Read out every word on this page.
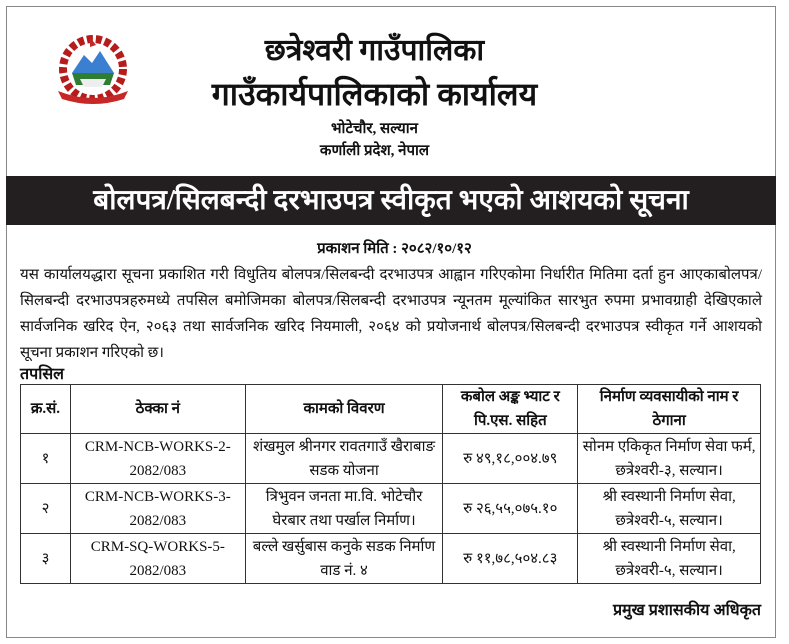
छत्रेश्वरी गाउँपालिका
गाउँकार्यपालिकाको कार्यालय
भोटेचौर, सल्यान
कर्णाली प्रदेश, नेपाल
बोलपत्र/सिलबन्दी दरभाउपत्र स्वीकृत भएको आशयको सूचना
प्रकाशन मिति : २०८२/१०/१२
यस कार्यालयद्धारा सूचना प्रकाशित गरी विधुतिय बोलपत्र/सिलबन्दी दरभाउपत्र आह्वान गरिएकोमा निर्धारीत मितिमा दर्ता हुन आएकाबोलपत्र/सिलबन्दी दरभाउपत्रहरुमध्ये तपसिल बमोजिमका बोलपत्र/सिलबन्दी दरभाउपत्र न्यूनतम मूल्यांकित सारभुत रुपमा प्रभावग्राही देखिएकाले सार्वजनिक खरिद ऐन, २०६३ तथा सार्वजनिक खरिद नियमाली, २०६४ को प्रयोजनार्थ बोलपत्र/सिलबन्दी दरभाउपत्र स्वीकृत गर्ने आशयको सूचना प्रकाशन गरिएको छ।
तपसिल
क्र.सं.	ठेक्का नं	कामको विवरण	कबोल अङ्क भ्याट र पि.एस. सहित	निर्माण व्यवसायीको नाम र ठेगाना
१	CRM-NCB-WORKS-2-2082/083	शंखमुल श्रीनगर रावतगाउँ खैराबाङ सडक योजना	रु ४९,१८,००४.७९	सोनम एकिकृत निर्माण सेवा फर्म, छत्रेश्वरी-३, सल्यान।
२	CRM-NCB-WORKS-3-2082/083	त्रिभुवन जनता मा.वि. भोटेचौर घेरबार तथा पर्खाल निर्माण।	रु २६,५५,०७५.१०	श्री स्वस्थानी निर्माण सेवा, छत्रेश्वरी-५, सल्यान।
३	CRM-SQ-WORKS-5-2082/083	बल्ले खर्सुबास कनुके सडक निर्माण वाड नं. ४	रु ११,७८,५०४.८३	श्री स्वस्थानी निर्माण सेवा, छत्रेश्वरी-५, सल्यान।
प्रमुख प्रशासकीय अधिकृत
